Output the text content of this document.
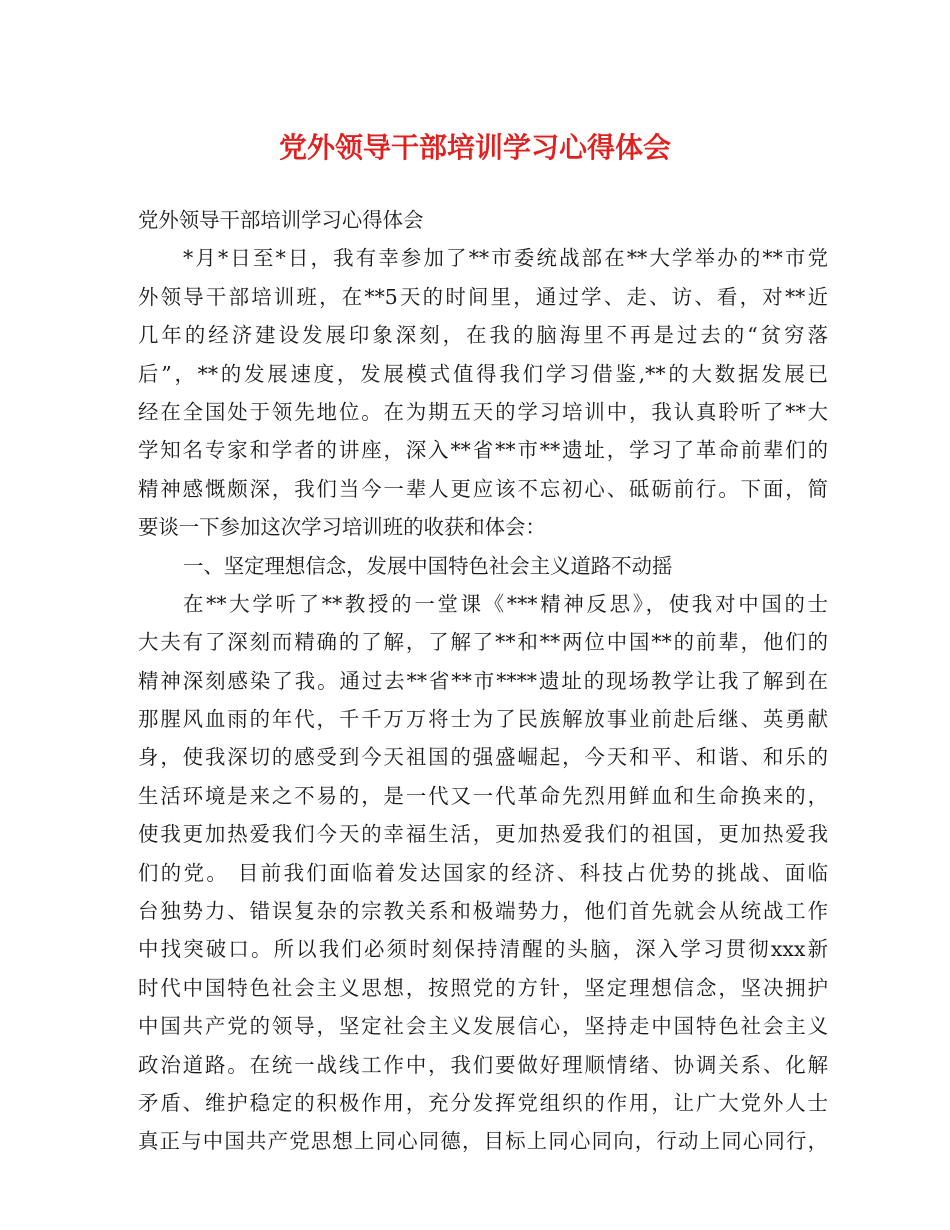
党外领导干部培训学习心得体会
党外领导干部培训学习心得体会
*月*日至*日，我有幸参加了**市委统战部在**大学举办的**市党
外领导干部培训班，在**5天的时间里，通过学、走、访、看，对**近
几年的经济建设发展印象深刻，在我的脑海里不再是过去的“贫穷落
后”，**的发展速度，发展模式值得我们学习借鉴,**的大数据发展已
经在全国处于领先地位。在为期五天的学习培训中，我认真聆听了**大
学知名专家和学者的讲座，深入**省**市**遗址，学习了革命前辈们的
精神感慨颇深，我们当今一辈人更应该不忘初心、砥砺前行。下面，简
要谈一下参加这次学习培训班的收获和体会：
一、坚定理想信念，发展中国特色社会主义道路不动摇
在**大学听了**教授的一堂课《***精神反思》，使我对中国的士
大夫有了深刻而精确的了解，了解了**和**两位中国**的前辈，他们的
精神深刻感染了我。通过去**省**市****遗址的现场教学让我了解到在
那腥风血雨的年代，千千万万将士为了民族解放事业前赴后继、英勇献
身，使我深切的感受到今天祖国的强盛崛起，今天和平、和谐、和乐的
生活环境是来之不易的，是一代又一代革命先烈用鲜血和生命换来的，
使我更加热爱我们今天的幸福生活，更加热爱我们的祖国，更加热爱我
们的党。 目前我们面临着发达国家的经济、科技占优势的挑战、面临
台独势力、错误复杂的宗教关系和极端势力，他们首先就会从统战工作
中找突破口。所以我们必须时刻保持清醒的头脑，深入学习贯彻xxx新
时代中国特色社会主义思想，按照党的方针，坚定理想信念，坚决拥护
中国共产党的领导，坚定社会主义发展信心，坚持走中国特色社会主义
政治道路。在统一战线工作中，我们要做好理顺情绪、协调关系、化解
矛盾、维护稳定的积极作用，充分发挥党组织的作用，让广大党外人士
真正与中国共产党思想上同心同德，目标上同心同向，行动上同心同行，
